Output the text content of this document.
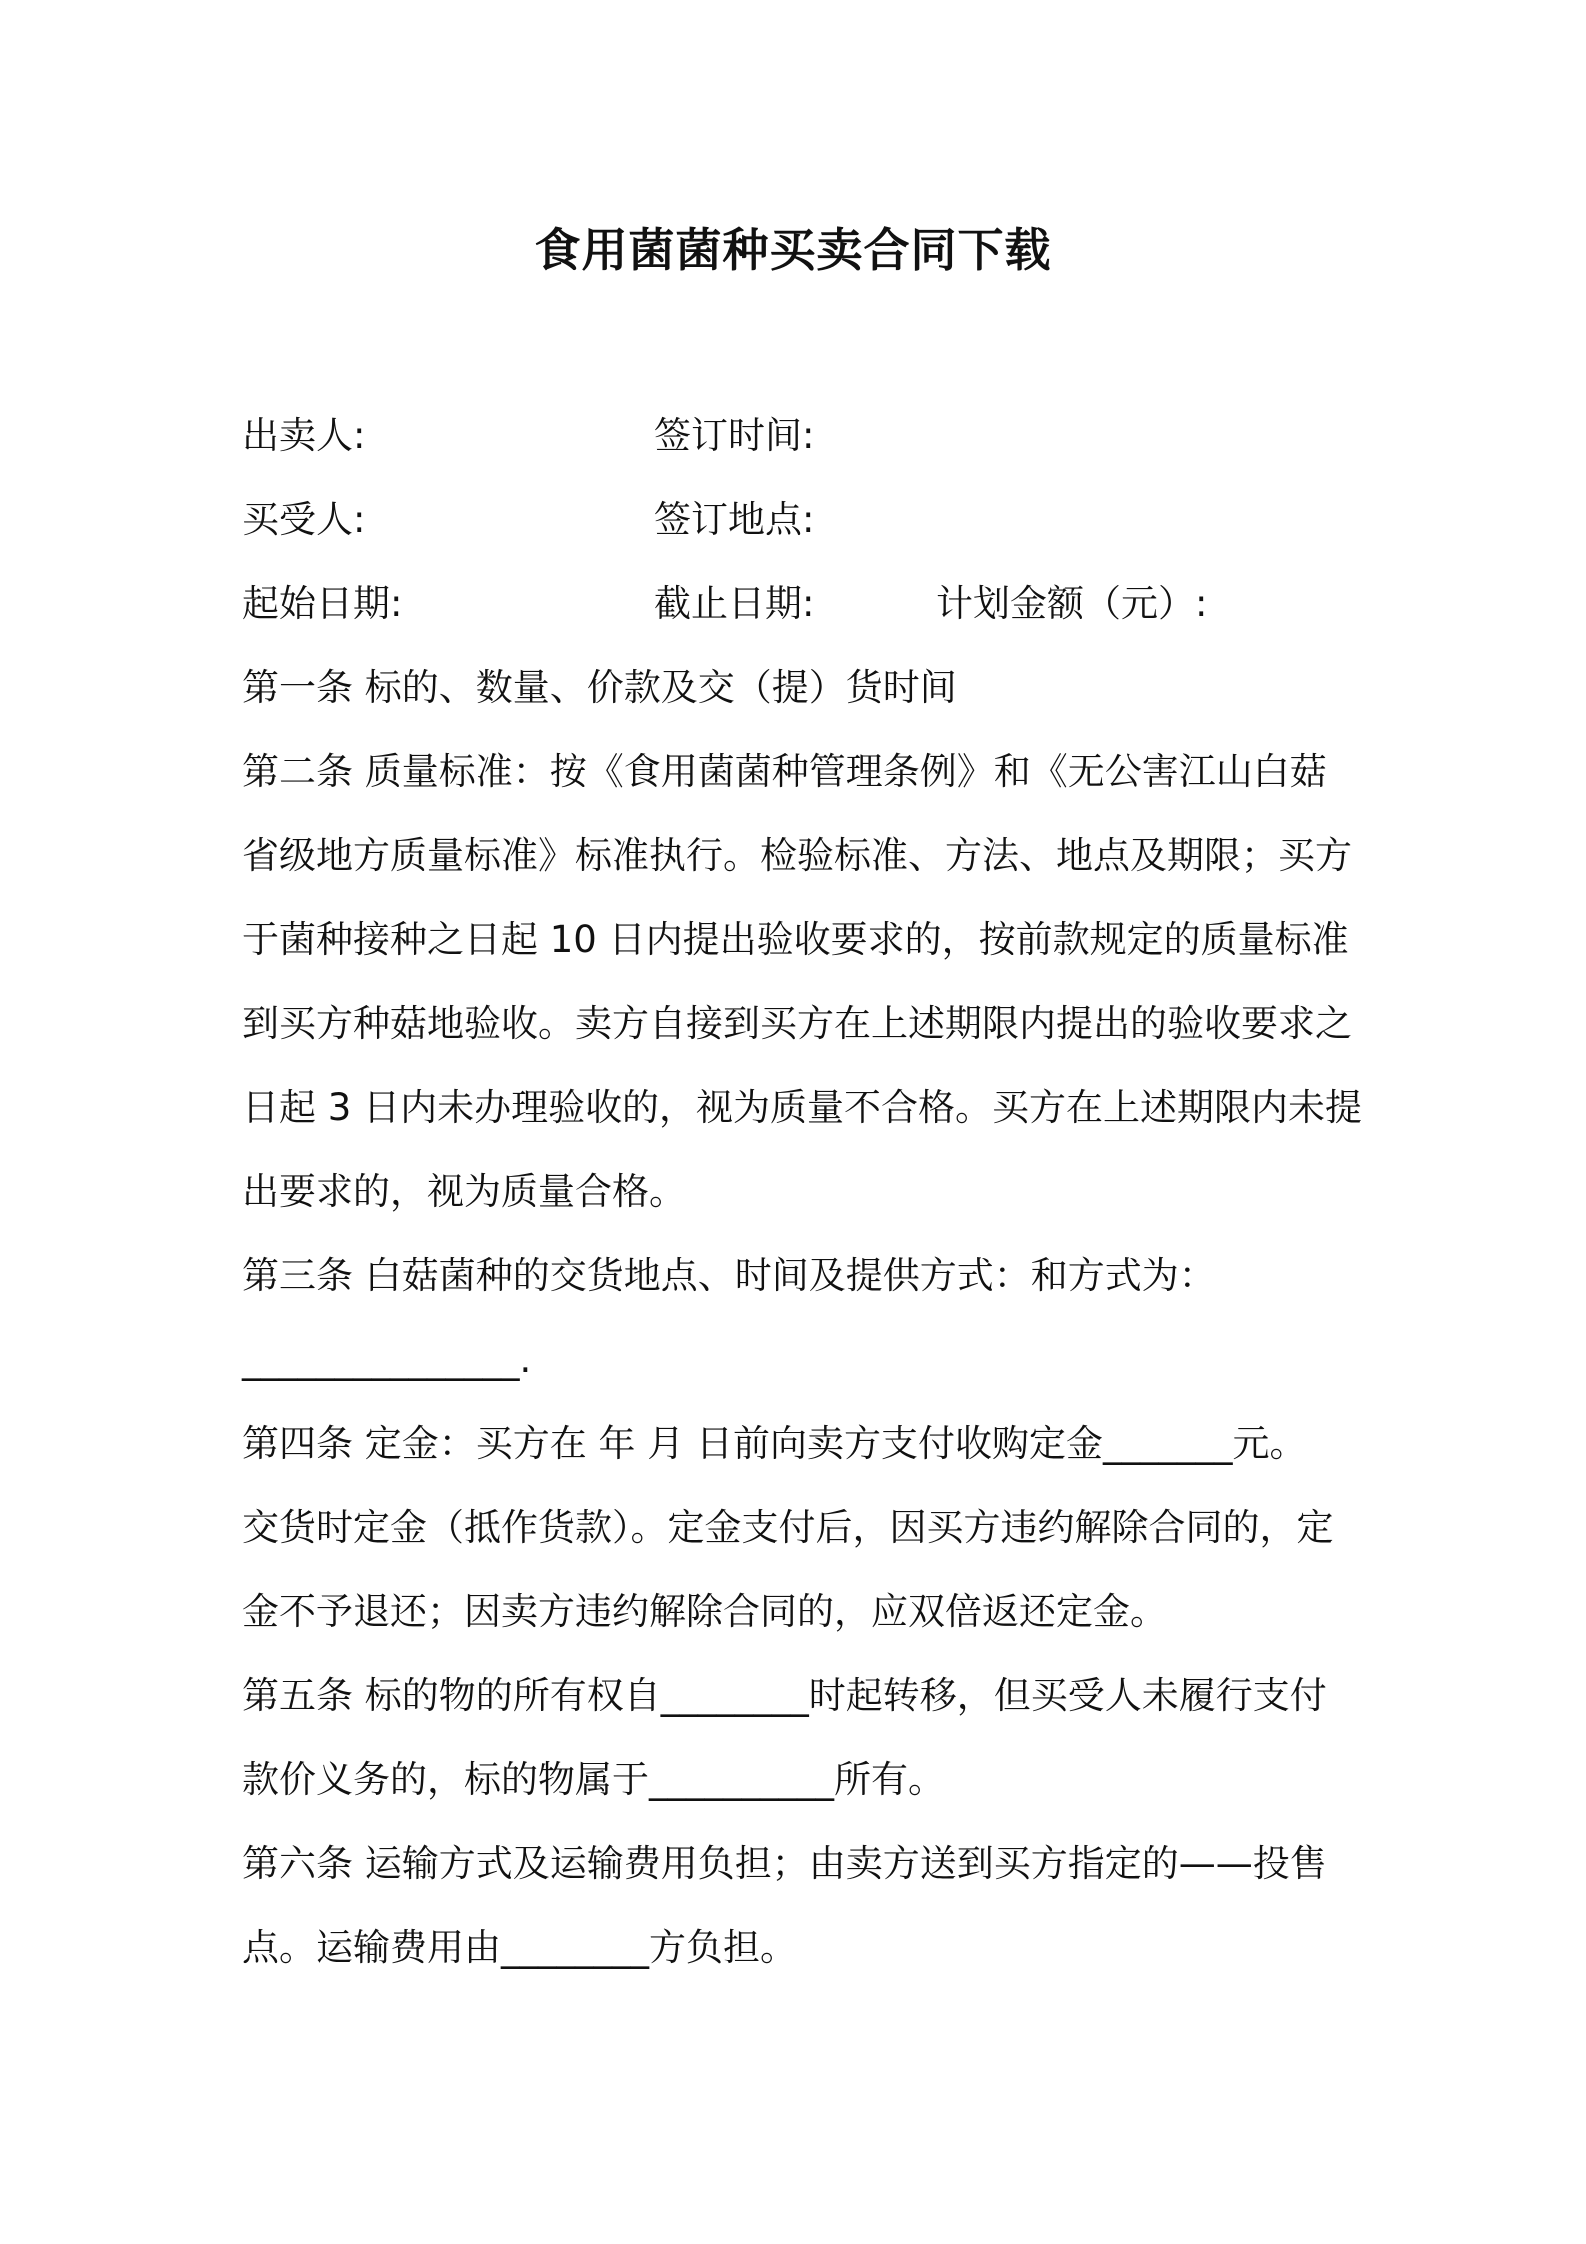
食用菌菌种买卖合同下载
出卖人:	签订时间:
买受人:	签订地点:
起始日期:	截止日期:	计划金额（元）:
第一条 标的、数量、价款及交（提）货时间
第二条 质量标准：按《食用菌菌种管理条例》和《无公害江山白菇
省级地方质量标准》标准执行。检验标准、方法、地点及期限；买方
于菌种接种之日起 10 日内提出验收要求的，按前款规定的质量标准
到买方种菇地验收。卖方自接到买方在上述期限内提出的验收要求之
日起 3 日内未办理验收的，视为质量不合格。买方在上述期限内未提
出要求的，视为质量合格。
第三条 白菇菌种的交货地点、时间及提供方式：和方式为：
_______________.
第四条 定金：买方在 年 月 日前向卖方支付收购定金_______元。
交货时定金（抵作货款）。定金支付后，因买方违约解除合同的，定
金不予退还；因卖方违约解除合同的，应双倍返还定金。
第五条 标的物的所有权自________时起转移，但买受人未履行支付
款价义务的，标的物属于__________所有。
第六条 运输方式及运输费用负担；由卖方送到买方指定的——投售
点。运输费用由________方负担。
